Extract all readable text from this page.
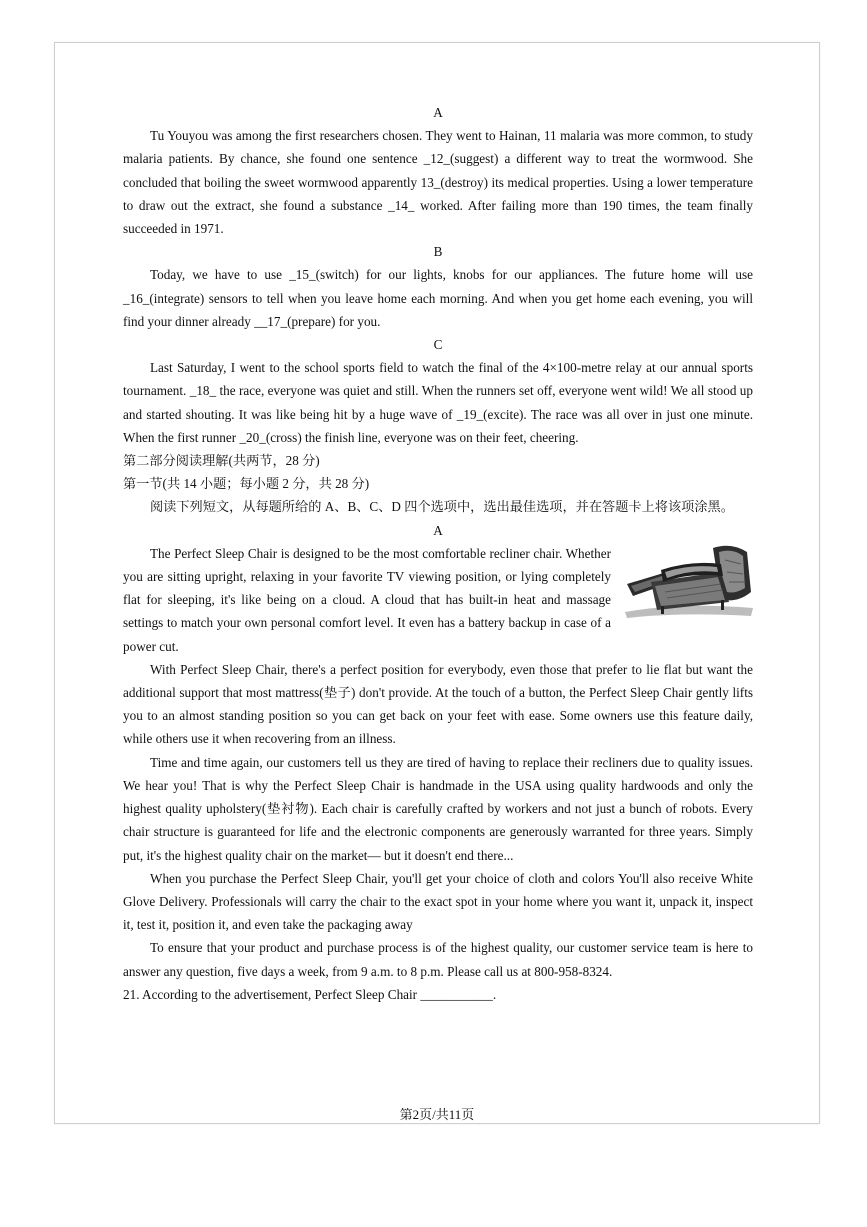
A

Tu Youyou was among the first researchers chosen. They went to Hainan, 11 malaria was more common, to study malaria patients. By chance, she found one sentence _12_(suggest) a different way to treat the wormwood. She concluded that boiling the sweet wormwood apparently 13_(destroy) its medical properties. Using a lower temperature to draw out the extract, she found a substance _14_ worked. After failing more than 190 times, the team finally succeeded in 1971.

B

Today, we have to use _15_(switch) for our lights, knobs for our appliances. The future home will use _16_(integrate) sensors to tell when you leave home each morning. And when you get home each evening, you will find your dinner already __17_(prepare) for you.

C

Last Saturday, I went to the school sports field to watch the final of the 4×100-metre relay at our annual sports tournament. _18_ the race, everyone was quiet and still. When the runners set off, everyone went wild! We all stood up and started shouting. It was like being hit by a huge wave of _19_(excite). The race was all over in just one minute. When the first runner _20_(cross) the finish line, everyone was on their feet, cheering.

第二部分阅读理解(共两节，28 分)

第一节(共 14 小题；每小题 2 分，共 28 分)

阅读下列短文，从每题所给的 A、B、C、D 四个选项中，选出最佳选项，并在答题卡上将该项涂黑。

A

The Perfect Sleep Chair is designed to be the most comfortable recliner chair. Whether you are sitting upright, relaxing in your favorite TV viewing position, or lying completely flat for sleeping, it's like being on a cloud. A cloud that has built-in heat and massage settings to match your own personal comfort level. It even has a battery backup in case of a power cut.

With Perfect Sleep Chair, there's a perfect position for everybody, even those that prefer to lie flat but want the additional support that most mattress(垫子) don't provide. At the touch of a button, the Perfect Sleep Chair gently lifts you to an almost standing position so you can get back on your feet with ease. Some owners use this feature daily, while others use it when recovering from an illness.

Time and time again, our customers tell us they are tired of having to replace their recliners due to quality issues. We hear you! That is why the Perfect Sleep Chair is handmade in the USA using quality hardwoods and only the highest quality upholstery(垫衬物). Each chair is carefully crafted by workers and not just a bunch of robots. Every chair structure is guaranteed for life and the electronic components are generously warranted for three years. Simply put, it's the highest quality chair on the market— but it doesn't end there...

When you purchase the Perfect Sleep Chair, you'll get your choice of cloth and colors You'll also receive White Glove Delivery. Professionals will carry the chair to the exact spot in your home where you want it, unpack it, inspect it, test it, position it, and even take the packaging away

To ensure that your product and purchase process is of the highest quality, our customer service team is here to answer any question, five days a week, from 9 a.m. to 8 p.m. Please call us at 800-958-8324.

21. According to the advertisement, Perfect Sleep Chair ___________.

第2页/共11页
